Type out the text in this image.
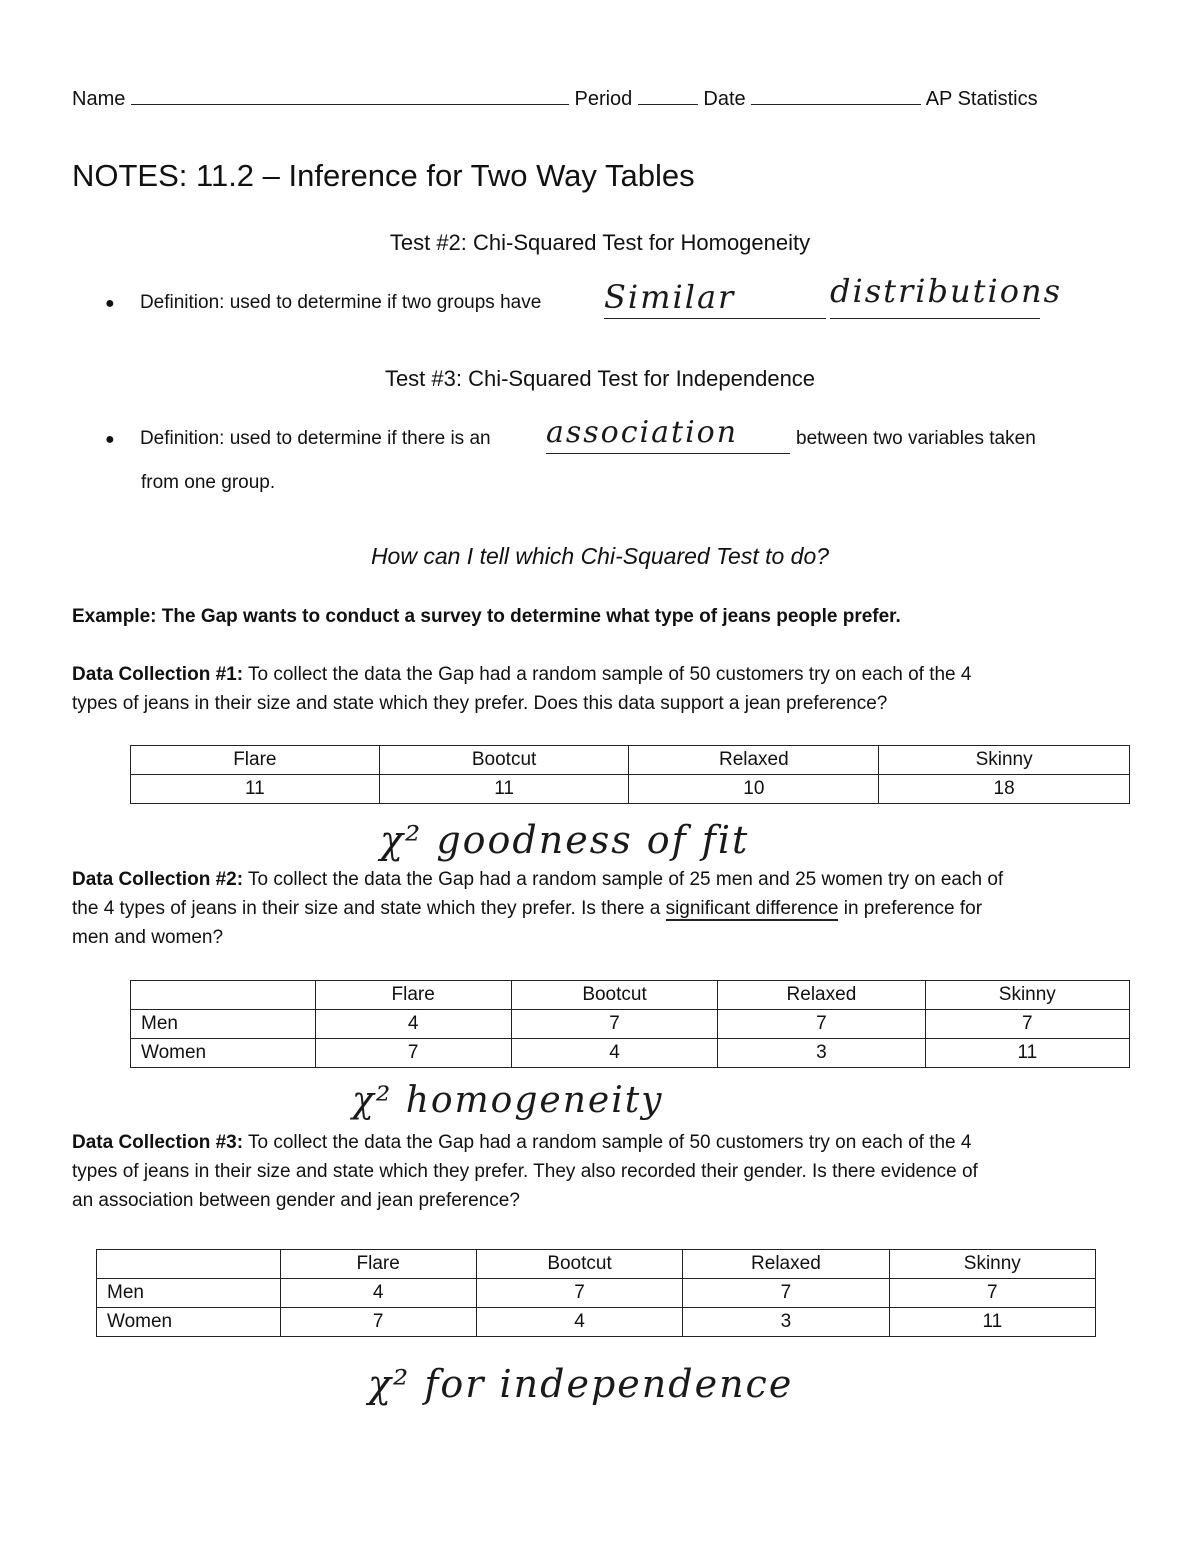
Name	Period	Date	AP Statistics
NOTES: 11.2 – Inference for Two Way Tables
Test #2: Chi-Squared Test for Homogeneity
● Definition: used to determine if two groups have Similar	distributions
Test #3: Chi-Squared Test for Independence
● Definition: used to determine if there is an association	between two variables taken
from one group.
How can I tell which Chi-Squared Test to do?
Example: The Gap wants to conduct a survey to determine what type of jeans people prefer.
Data Collection #1: To collect the data the Gap had a random sample of 50 customers try on each of the 4
types of jeans in their size and state which they prefer. Does this data support a jean preference?
Flare	Bootcut	Relaxed	Skinny
11	11	10	18
χ² goodness of fit
Data Collection #2: To collect the data the Gap had a random sample of 25 men and 25 women try on each of
the 4 types of jeans in their size and state which they prefer. Is there a significant difference in preference for
men and women?
	Flare	Bootcut	Relaxed	Skinny
Men	4	7	7	7
Women	7	4	3	11
χ² homogeneity
Data Collection #3: To collect the data the Gap had a random sample of 50 customers try on each of the 4
types of jeans in their size and state which they prefer. They also recorded their gender. Is there evidence of
an association between gender and jean preference?
	Flare	Bootcut	Relaxed	Skinny
Men	4	7	7	7
Women	7	4	3	11
χ² for independence
